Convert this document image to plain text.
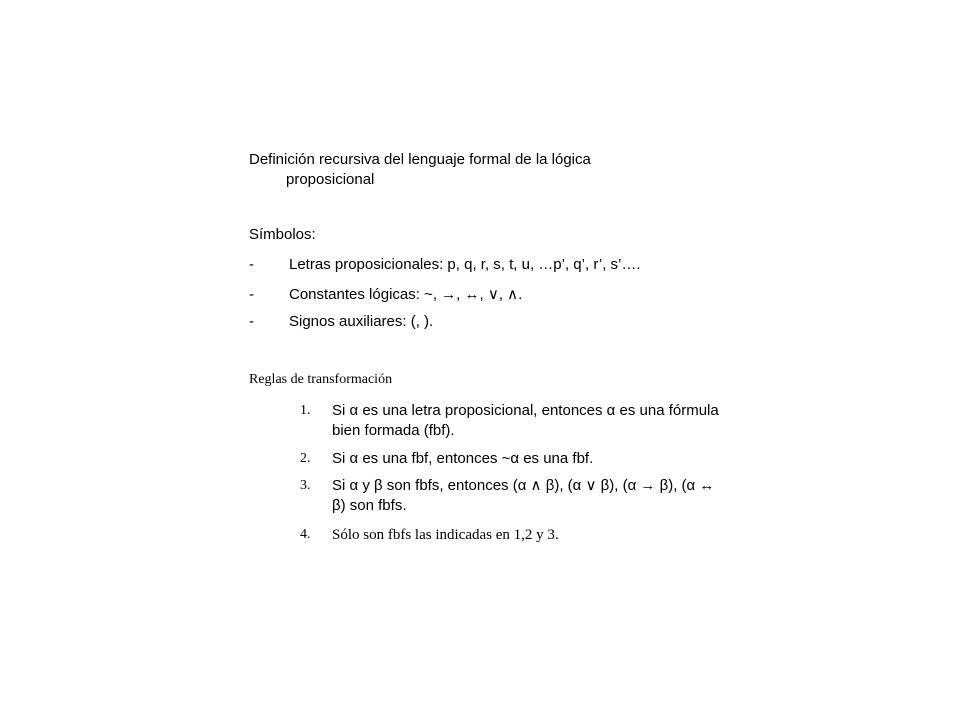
Definición recursiva del lenguaje formal de la lógica
proposicional
Símbolos:
- Letras proposicionales: p, q, r, s, t, u, …p’, q’, r’, s’….
- Constantes lógicas: ~, →, ↔, ∨, ∧.
- Signos auxiliares: (, ).
Reglas de transformación
1. Si α es una letra proposicional, entonces α es una fórmula bien formada (fbf).
2. Si α es una fbf, entonces ~α es una fbf.
3. Si α y β son fbfs, entonces (α ∧ β), (α ∨ β), (α → β), (α ↔ β) son fbfs.
4. Sólo son fbfs las indicadas en 1,2 y 3.
